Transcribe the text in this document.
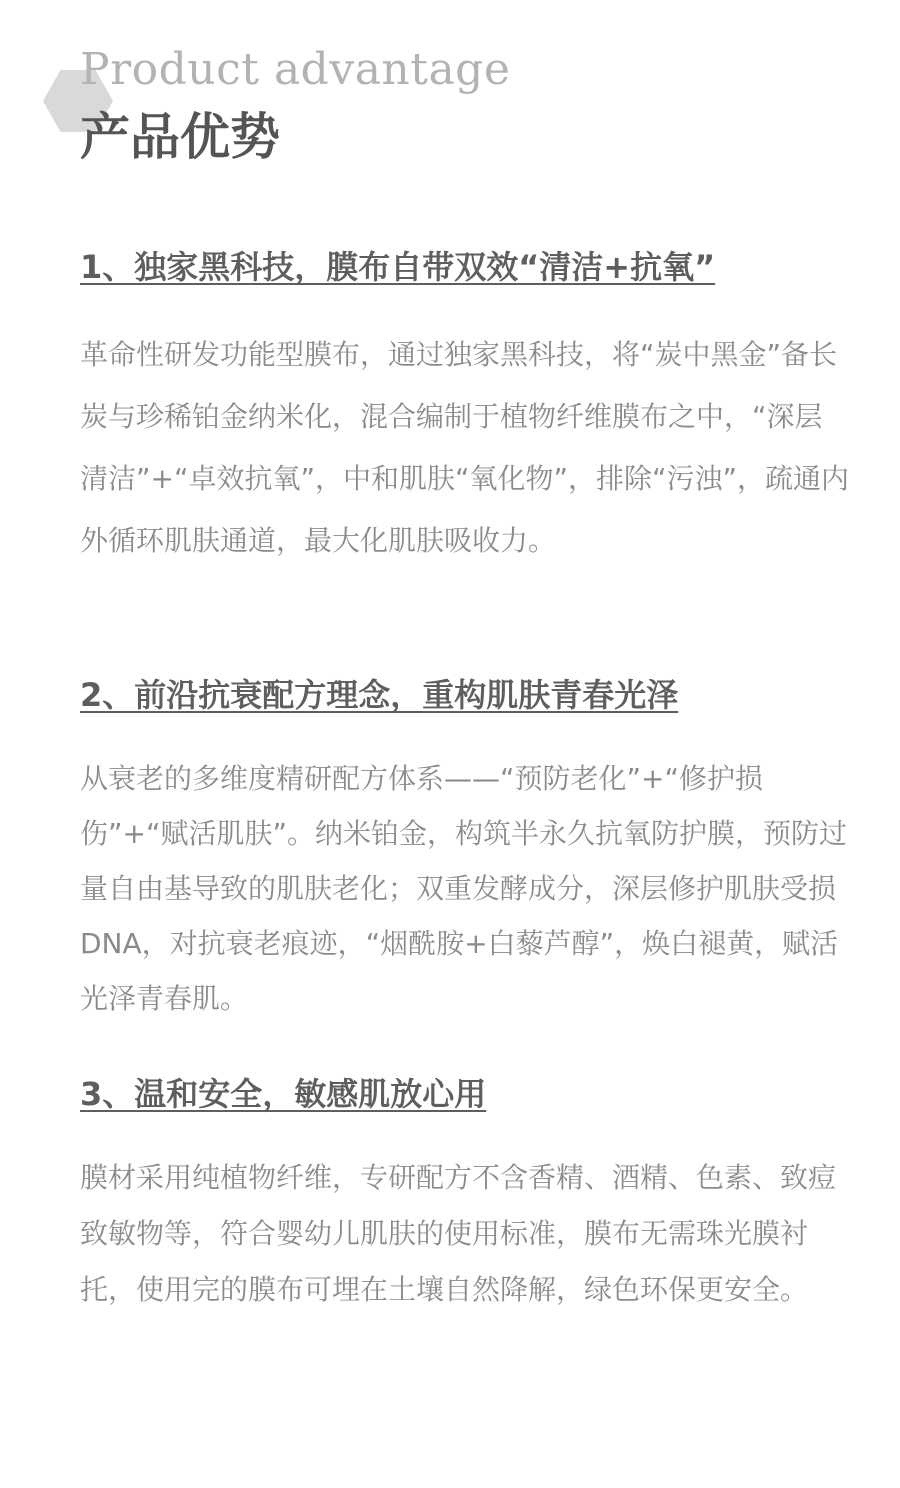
Product advantage
产品优势
1、独家黑科技，膜布自带双效“清洁+抗氧”

革命性研发功能型膜布，通过独家黑科技，将“炭中黑金”备长炭与珍稀铂金纳米化，混合编制于植物纤维膜布之中，“深层清洁”+“卓效抗氧”，中和肌肤“氧化物”，排除“污浊”，疏通内外循环肌肤通道，最大化肌肤吸收力。

2、前沿抗衰配方理念，重构肌肤青春光泽

从衰老的多维度精研配方体系——“预防老化”+“修护损伤”+“赋活肌肤”。纳米铂金，构筑半永久抗氧防护膜，预防过量自由基导致的肌肤老化；双重发酵成分，深层修护肌肤受损DNA，对抗衰老痕迹，“烟酰胺+白藜芦醇”，焕白褪黄，赋活光泽青春肌。

3、温和安全，敏感肌放心用

膜材采用纯植物纤维，专研配方不含香精、酒精、色素、致痘致敏物等，符合婴幼儿肌肤的使用标准，膜布无需珠光膜衬托，使用完的膜布可埋在土壤自然降解，绿色环保更安全。
